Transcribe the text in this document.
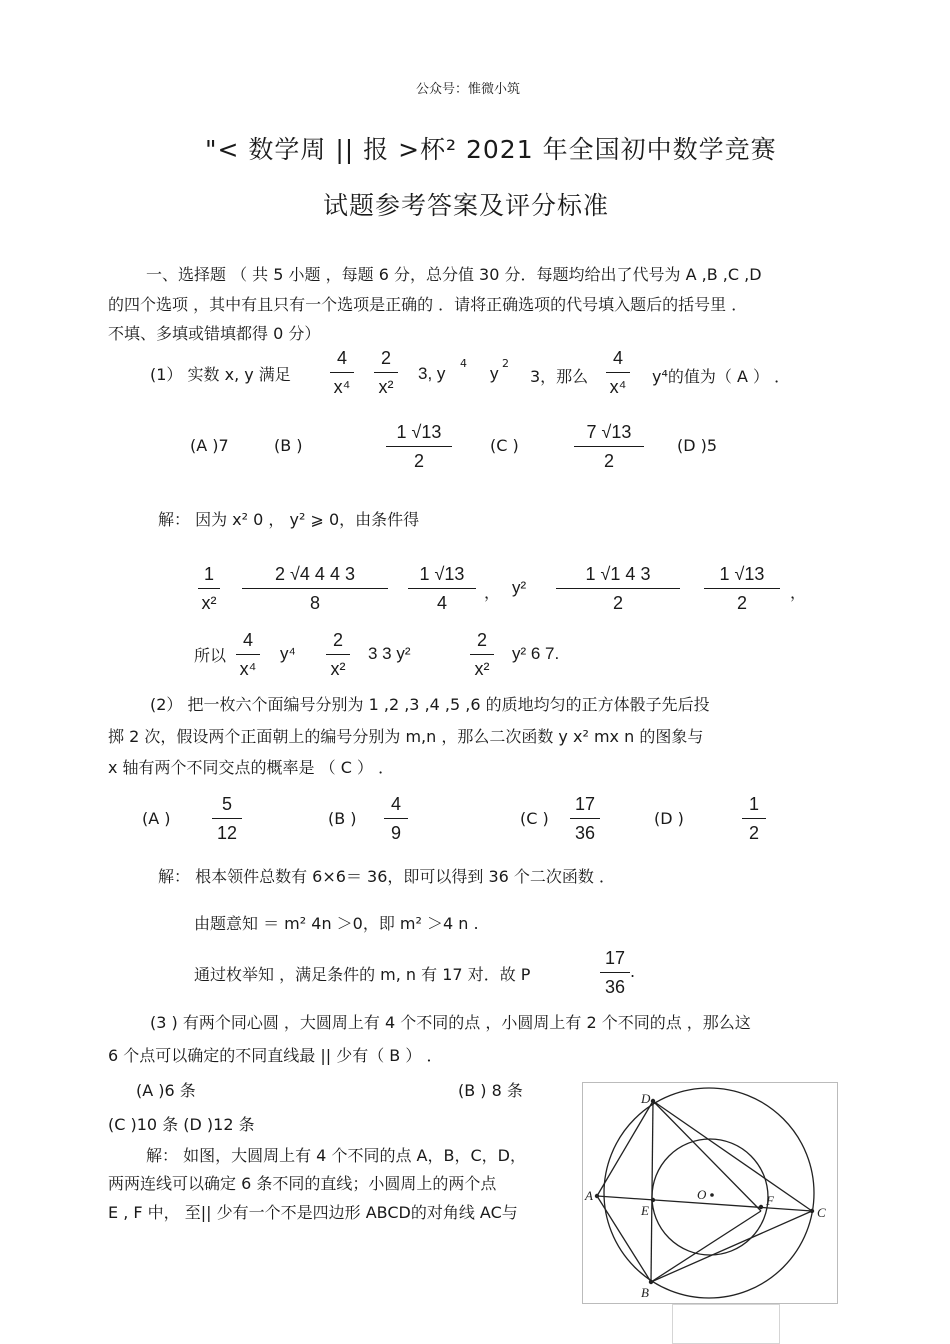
公众号：惟微小筑
"< 数学周 || 报 >杯² 2021 年全国初中数学竞赛
试题参考答案及评分标准
一、选择题 （ 共 5 小题 ，每题 6 分，总分值 30 分．每题均给出了代号为 A ,B ,C ,D
的四个选项 ，其中有且只有一个选项是正确的 ．请将正确选项的代号填入题后的括号里 ．
不填、多填或错填都得 0 分）
(1） 实数 x, y 满足
4
x⁴
2
x²
3, y
4
y
2
3，那么
4
x⁴
y⁴的值为（ A ） ．
(A )7	(B )
1 √13
2
(C )
7 √13
2
(D )5
解： 因为 x² 0 ， y² ⩾ 0，由条件得
1
x²
2 √4 4 4 3
8
1 √13
4
， y²
1 √1 4 3
2
1 √13
2
，
所以
4
x⁴
y⁴
2
x²
3 3 y²
2
x²
y² 6 7.
(2） 把一枚六个面编号分别为 1 ,2 ,3 ,4 ,5 ,6 的质地均匀的正方体骰子先后投
掷 2 次，假设两个正面朝上的编号分别为 m,n ，那么二次函数 y x² mx n 的图象与
x 轴有两个不同交点的概率是 （ C ） ．
(A )
5
12
(B )
4
9
(C )
17
36
(D )
1
2
解： 根本领件总数有 6×6＝ 36，即可以得到 36 个二次函数 ．
由题意知 ＝ m² 4n ＞0，即 m² ＞4 n .
通过枚举知 ，满足条件的 m, n 有 17 对．故 P
17
36
.
(3 ) 有两个同心圆 ，大圆周上有 4 个不同的点 ，小圆周上有 2 个不同的点 ，那么这
6 个点可以确定的不同直线最 || 少有（ B ） ．
(A )6 条	(B ) 8 条
(C )10 条 (D )12 条
解： 如图，大圆周上有 4 个不同的点 A，B，C，D，
两两连线可以确定 6 条不同的直线；小圆周上的两个点
E , F 中， 至|| 少有一个不是四边形 ABCD的对角线 AC与
D
A
E
O	F
C
B
